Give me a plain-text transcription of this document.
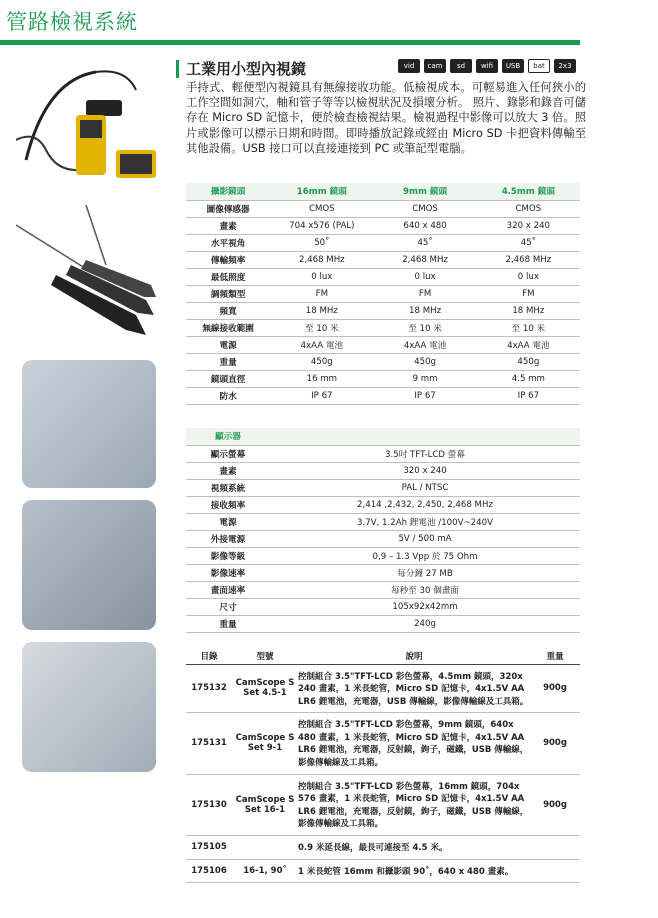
管路檢視系統
工業用小型內視鏡	vid	cam	sd	wifi	USB	bat	2x3
手持式、輕便型內視鏡具有無線接收功能。低檢視成本。可輕易進入任何狹小的工作空間如洞穴，軸和管子等等以檢視狀況及損壞分析。 照片、錄影和錄音可儲存在 Micro SD 記憶卡，便於檢查檢視結果。檢視過程中影像可以放大 3 倍。照片或影像可以標示日期和時間。即時播放記錄或經由 Micro SD 卡把資料傳輸至其他設備。USB 接口可以直接連接到 PC 或筆記型電腦。
攝影鏡頭	16mm 鏡頭	9mm 鏡頭	4.5mm 鏡頭
圖像傳感器	CMOS	CMOS	CMOS
畫素	704 x576 (PAL)	640 x 480	320 x 240
水平視角	50˚	45˚	45˚
傳輸頻率	2,468 MHz	2,468 MHz	2,468 MHz
最低照度	0 lux	0 lux	0 lux
調頻類型	FM	FM	FM
頻寬	18 MHz	18 MHz	18 MHz
無線接收範圍	至 10 米	至 10 米	至 10 米
電源	4xAA 電池	4xAA 電池	4xAA 電池
重量	450g	450g	450g
鏡頭直徑	16 mm	9 mm	4.5 mm
防水	IP 67	IP 67	IP 67
顯示器	
顯示螢幕	3.5吋 TFT-LCD 螢幕
畫素	320 x 240
視頻系統	PAL / NTSC
接收頻率	2,414 ,2,432, 2,450, 2,468 MHz
電源	3.7V, 1.2Ah 鋰電池 /100V~240V
外接電源	5V / 500 mA
影像等級	0,9 – 1.3 Vpp 於 75 Ohm
影像速率	每分鐘 27 MB
畫面速率	每秒至 30 個畫面
尺寸	105x92x42mm
重量	240g
目錄	型號	說明	重量
175132	CamScope S Set 4.5-1	控制組合 3.5"TFT-LCD 彩色螢幕，4.5mm 鏡頭，320x 240 畫素，1 米長蛇管，Micro SD 記憶卡，4x1.5V AA LR6 鋰電池，充電器，USB 傳輸線，影像傳輸線及工具箱。	900g
175131	CamScope S Set 9-1	控制組合 3.5"TFT-LCD 彩色螢幕，9mm 鏡頭，640x 480 畫素，1 米長蛇管，Micro SD 記憶卡，4x1.5V AA LR6 鋰電池，充電器，反射鏡，鉤子，磁鐵，USB 傳輸線，影像傳輸線及工具箱。	900g
175130	CamScope S Set 16-1	控制組合 3.5"TFT-LCD 彩色螢幕，16mm 鏡頭，704x 576 畫素，1 米長蛇管，Micro SD 記憶卡，4x1.5V AA LR6 鋰電池，充電器，反射鏡，鉤子，磁鐵，USB 傳輸線，影像傳輸線及工具箱。	900g
175105		0.9 米延長線，最長可連接至 4.5 米。	
175106	16-1, 90˚	1 米長蛇管 16mm 和攝影頭 90˚，640 x 480 畫素。	
